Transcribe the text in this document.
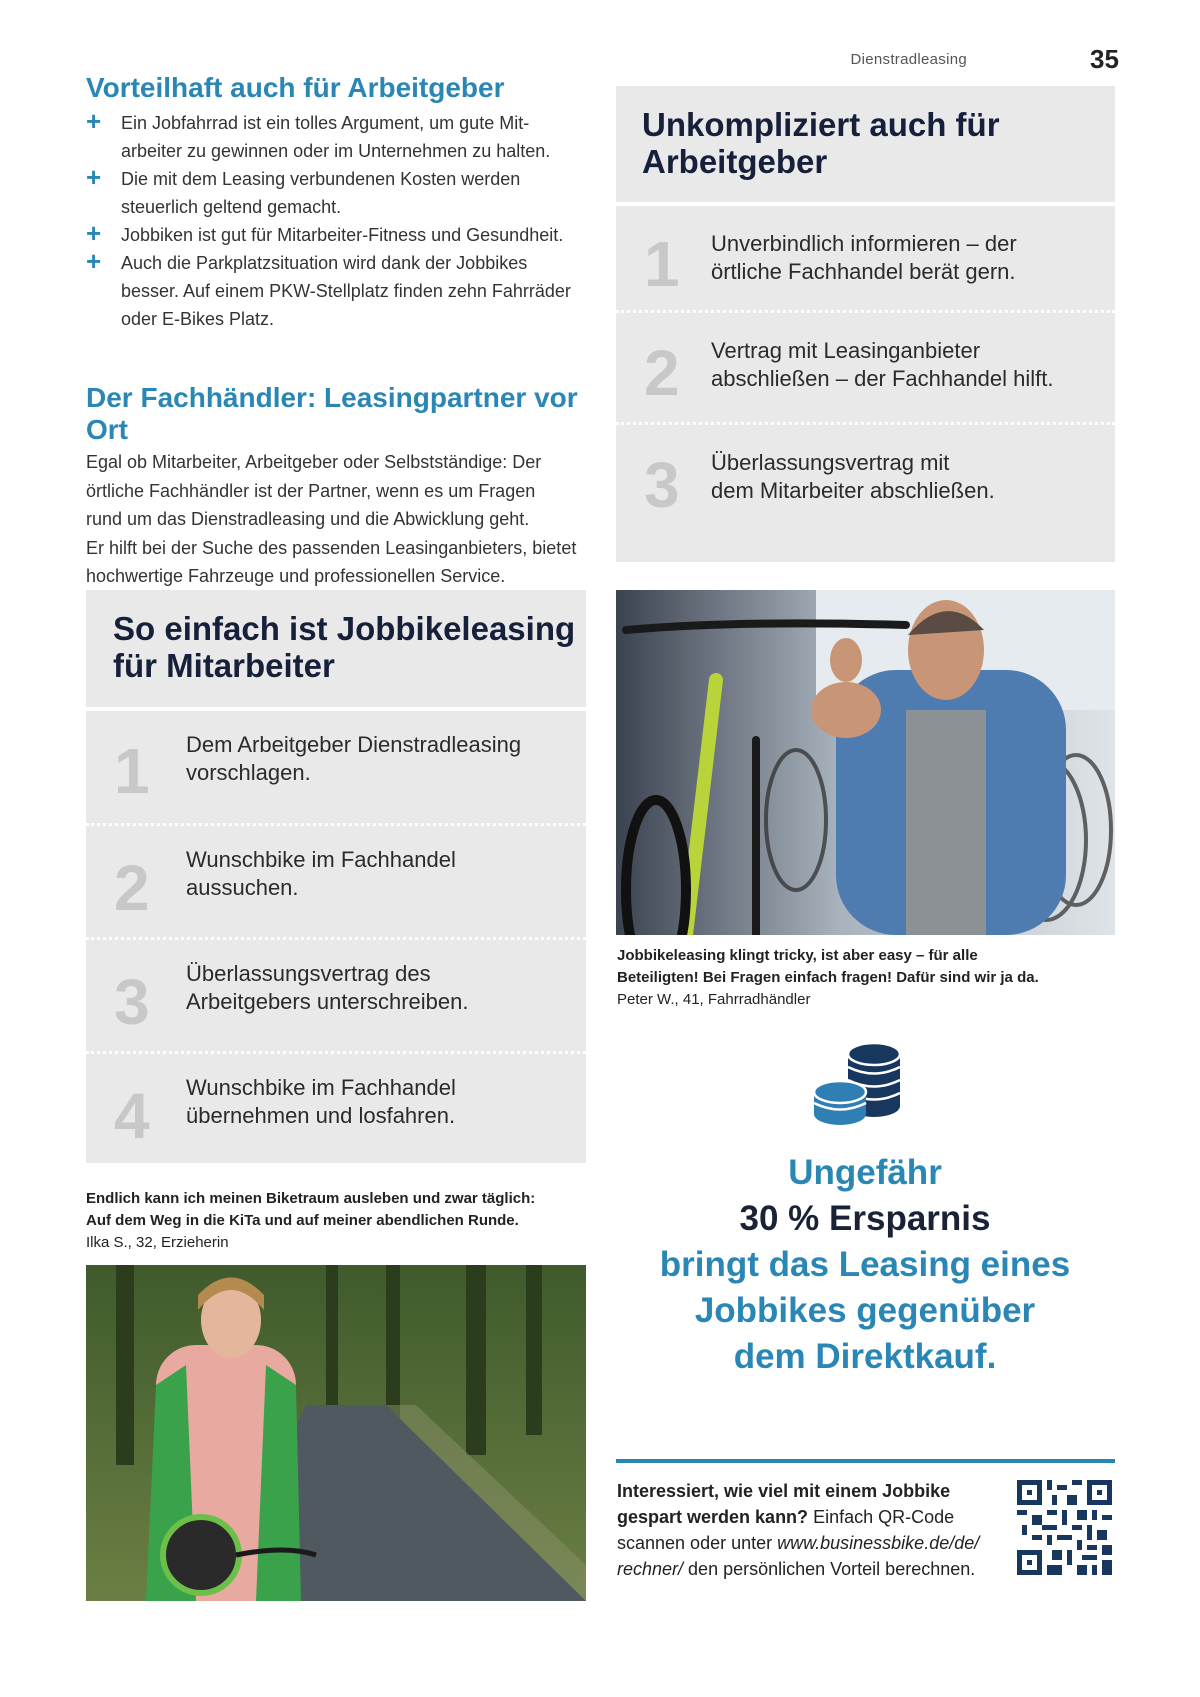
Dienstradleasing	35
Vorteilhaft auch für Arbeitgeber
+ Ein Jobfahrrad ist ein tolles Argument, um gute Mit-
arbeiter zu gewinnen oder im Unternehmen zu halten.
+ Die mit dem Leasing verbundenen Kosten werden
steuerlich geltend gemacht.
+ Jobbiken ist gut für Mitarbeiter-Fitness und Gesundheit.
+ Auch die Parkplatzsituation wird dank der Jobbikes
besser. Auf einem PKW-Stellplatz finden zehn Fahrräder
oder E-Bikes Platz.
Der Fachhändler: Leasingpartner vor Ort

Egal ob Mitarbeiter, Arbeitgeber oder Selbstständige: Der
örtliche Fachhändler ist der Partner, wenn es um Fragen
rund um das Dienstradleasing und die Abwicklung geht.
Er hilft bei der Suche des passenden Leasinganbieters, bietet
hochwertige Fahrzeuge und professionellen Service.

Unkompliziert auch für
Arbeitgeber
1 Unverbindlich informieren – der
örtliche Fachhandel berät gern.
2 Vertrag mit Leasinganbieter
abschließen – der Fachhandel hilft.
3 Überlassungsvertrag mit
dem Mitarbeiter abschließen.
So einfach ist Jobbikeleasing
für Mitarbeiter
1 Dem Arbeitgeber Dienstradleasing
vorschlagen.
2 Wunschbike im Fachhandel
aussuchen.
3 Überlassungsvertrag des
Arbeitgebers unterschreiben.
4 Wunschbike im Fachhandel
übernehmen und losfahren.
Jobbikeleasing klingt tricky, ist aber easy – für alle
Beteiligten! Bei Fragen einfach fragen! Dafür sind wir ja da.
Peter W., 41, Fahrradhändler
Ungefähr
30 % Ersparnis
bringt das Leasing eines
Jobbikes gegenüber
dem Direktkauf.
Endlich kann ich meinen Biketraum ausleben und zwar täglich:
Auf dem Weg in die KiTa und auf meiner abendlichen Runde.
Ilka S., 32, Erzieherin
Interessiert, wie viel mit einem Jobbike
gespart werden kann? Einfach QR-Code
scannen oder unter www.businessbike.de/de/
rechner/ den persönlichen Vorteil berechnen.
